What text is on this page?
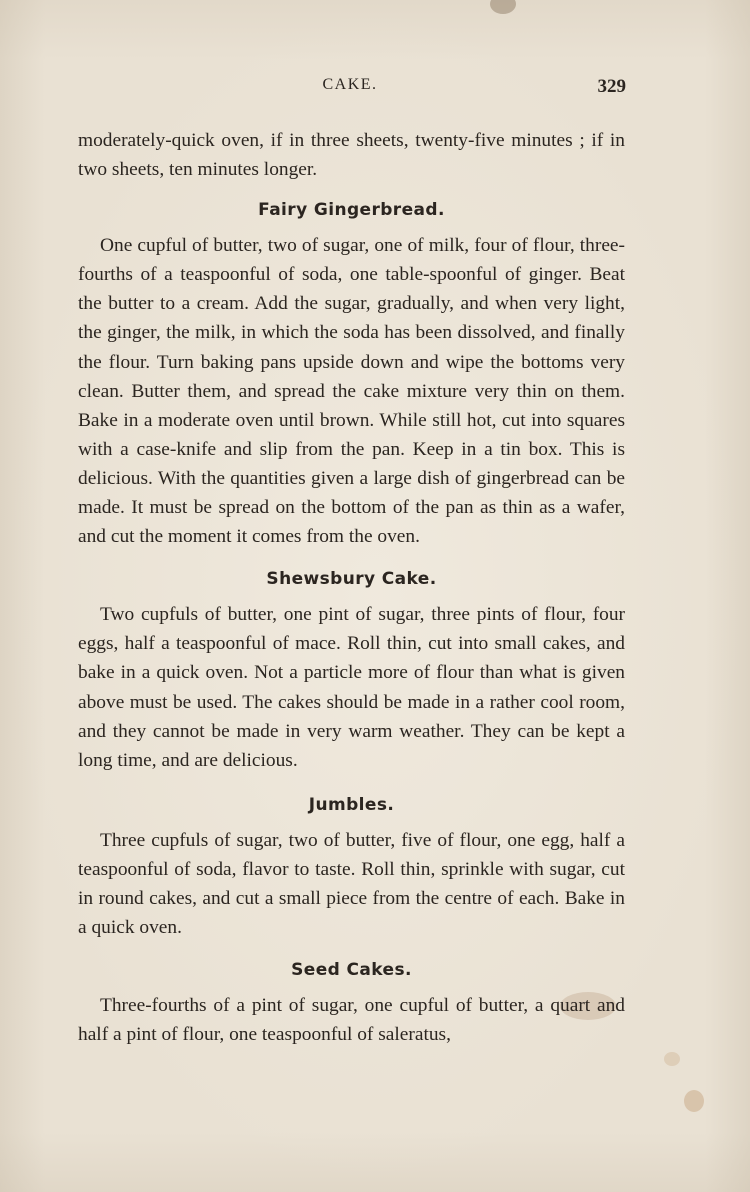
CAKE.	329

moderately-quick oven, if in three sheets, twenty-five minutes ; if in two sheets, ten minutes longer.

Fairy Gingerbread.

One cupful of butter, two of sugar, one of milk, four of flour, three-fourths of a teaspoonful of soda, one table-spoonful of ginger. Beat the butter to a cream. Add the sugar, gradually, and when very light, the ginger, the milk, in which the soda has been dissolved, and finally the flour. Turn baking pans upside down and wipe the bottoms very clean. Butter them, and spread the cake mixture very thin on them. Bake in a moderate oven until brown. While still hot, cut into squares with a case-knife and slip from the pan. Keep in a tin box. This is delicious. With the quantities given a large dish of gingerbread can be made. It must be spread on the bottom of the pan as thin as a wafer, and cut the moment it comes from the oven.

Shewsbury Cake.

Two cupfuls of butter, one pint of sugar, three pints of flour, four eggs, half a teaspoonful of mace. Roll thin, cut into small cakes, and bake in a quick oven. Not a particle more of flour than what is given above must be used. The cakes should be made in a rather cool room, and they cannot be made in very warm weather. They can be kept a long time, and are delicious.

Jumbles.

Three cupfuls of sugar, two of butter, five of flour, one egg, half a teaspoonful of soda, flavor to taste. Roll thin, sprinkle with sugar, cut in round cakes, and cut a small piece from the centre of each. Bake in a quick oven.

Seed Cakes.

Three-fourths of a pint of sugar, one cupful of butter, a quart and half a pint of flour, one teaspoonful of saleratus,
